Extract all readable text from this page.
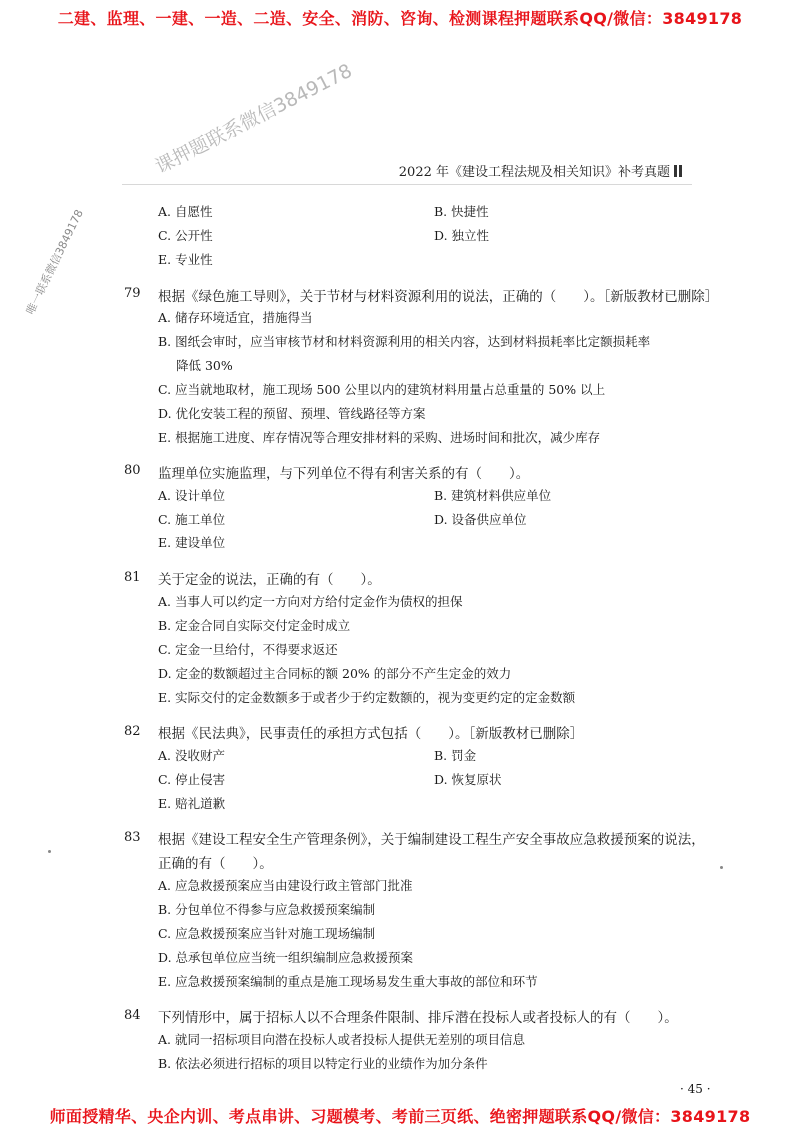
二建、监理、一建、一造、二造、安全、消防、咨询、检测课程押题联系QQ/微信：3849178
课押题联系微信3849178
唯一联系微信3849178
2022 年《建设工程法规及相关知识》补考真题
A. 自愿性	B. 快捷性
C. 公开性	D. 独立性
E. 专业性
79 根据《绿色施工导则》，关于节材与材料资源利用的说法，正确的（　　）。［新版教材已删除］
A. 储存环境适宜，措施得当
B. 图纸会审时，应当审核节材和材料资源利用的相关内容，达到材料损耗率比定额损耗率
降低 30%
C. 应当就地取材，施工现场 500 公里以内的建筑材料用量占总重量的 50% 以上
D. 优化安装工程的预留、预埋、管线路径等方案
E. 根据施工进度、库存情况等合理安排材料的采购、进场时间和批次，减少库存
80 监理单位实施监理，与下列单位不得有利害关系的有（　　）。
A. 设计单位	B. 建筑材料供应单位
C. 施工单位	D. 设备供应单位
E. 建设单位
81 关于定金的说法，正确的有（　　）。
A. 当事人可以约定一方向对方给付定金作为债权的担保
B. 定金合同自实际交付定金时成立
C. 定金一旦给付，不得要求返还
D. 定金的数额超过主合同标的额 20% 的部分不产生定金的效力
E. 实际交付的定金数额多于或者少于约定数额的，视为变更约定的定金数额
82 根据《民法典》，民事责任的承担方式包括（　　）。［新版教材已删除］
A. 没收财产	B. 罚金
C. 停止侵害	D. 恢复原状
E. 赔礼道歉
83 根据《建设工程安全生产管理条例》，关于编制建设工程生产安全事故应急救援预案的说法，
正确的有（　　）。
A. 应急救援预案应当由建设行政主管部门批准
B. 分包单位不得参与应急救援预案编制
C. 应急救援预案应当针对施工现场编制
D. 总承包单位应当统一组织编制应急救援预案
E. 应急救援预案编制的重点是施工现场易发生重大事故的部位和环节
84 下列情形中，属于招标人以不合理条件限制、排斥潜在投标人或者投标人的有（　　）。
A. 就同一招标项目向潜在投标人或者投标人提供无差别的项目信息
B. 依法必须进行招标的项目以特定行业的业绩作为加分条件
· 45 ·
师面授精华、央企内训、考点串讲、习题模考、考前三页纸、绝密押题联系QQ/微信：3849178
